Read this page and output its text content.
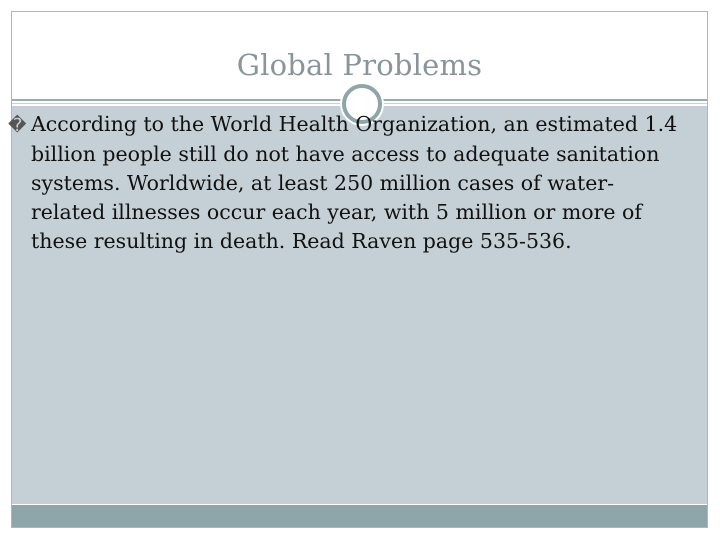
Global Problems
� According to the World Health Organization, an estimated 1.4 billion people still do not have access to adequate sanitation systems. Worldwide, at least 250 million cases of water-related illnesses occur each year, with 5 million or more of these resulting in death. Read Raven page 535-536.
